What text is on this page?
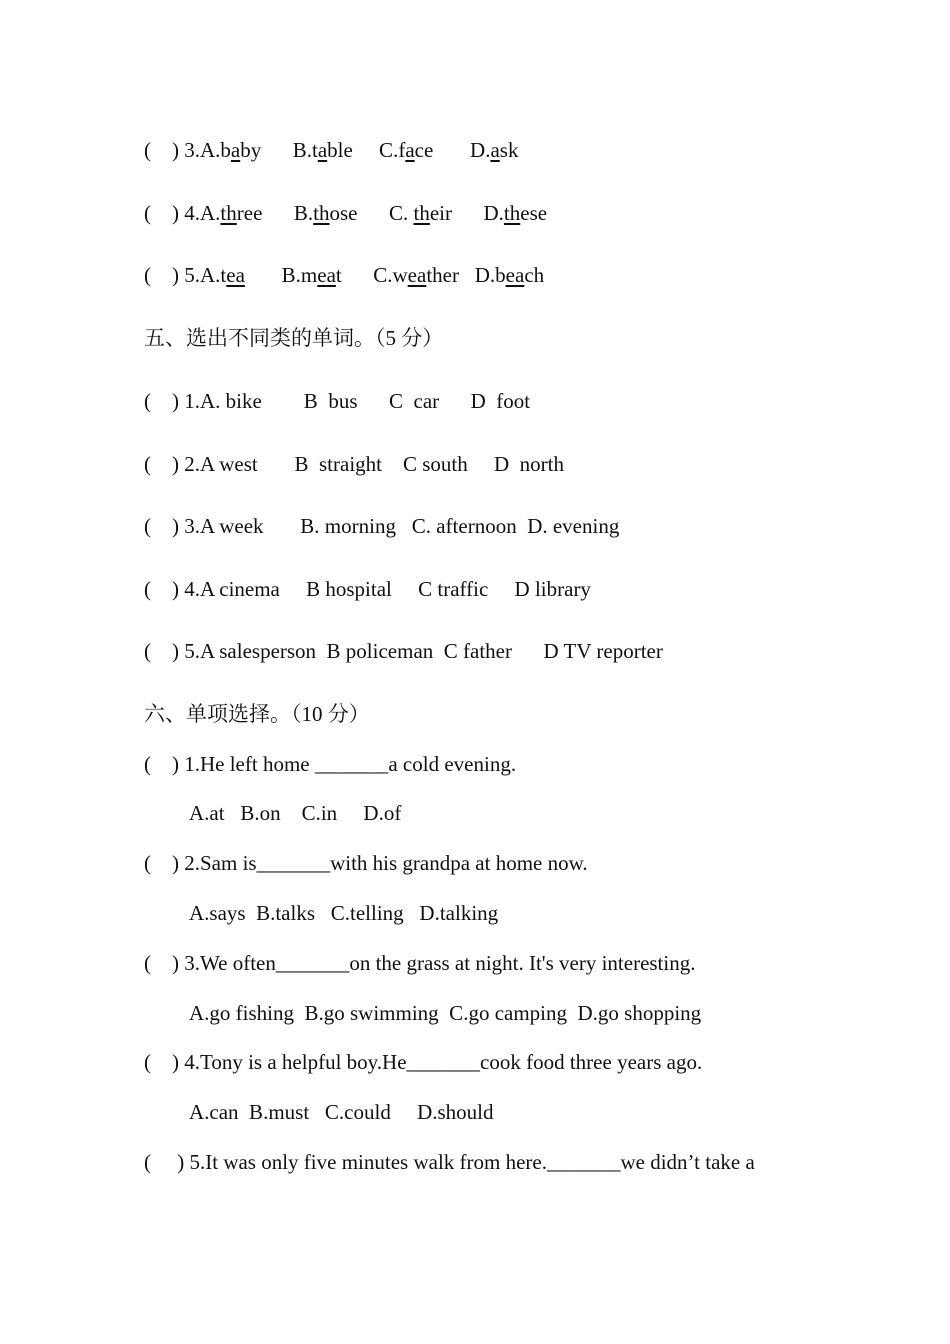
(    ) 3.A.baby      B.table     C.face       D.ask
(    ) 4.A.three      B.those      C. their      D.these
(    ) 5.A.tea       B.meat      C.weather   D.beach
五、选出不同类的单词。（5 分）
(    ) 1.A. bike        B  bus      C  car      D  foot
(    ) 2.A west       B  straight    C south     D  north
(    ) 3.A week       B. morning   C. afternoon  D. evening
(    ) 4.A cinema     B hospital     C traffic     D library
(    ) 5.A salesperson  B policeman  C father      D TV reporter
六、单项选择。（10 分）
(    ) 1.He left home _______a cold evening.
A.at   B.on    C.in     D.of
(    ) 2.Sam is_______with his grandpa at home now.
A.says  B.talks   C.telling   D.talking
(    ) 3.We often_______on the grass at night. It's very interesting.
A.go fishing  B.go swimming  C.go camping  D.go shopping
(    ) 4.Tony is a helpful boy.He_______cook food three years ago.
A.can  B.must   C.could     D.should
(     ) 5.It was only five minutes walk from here._______we didn’t take a
